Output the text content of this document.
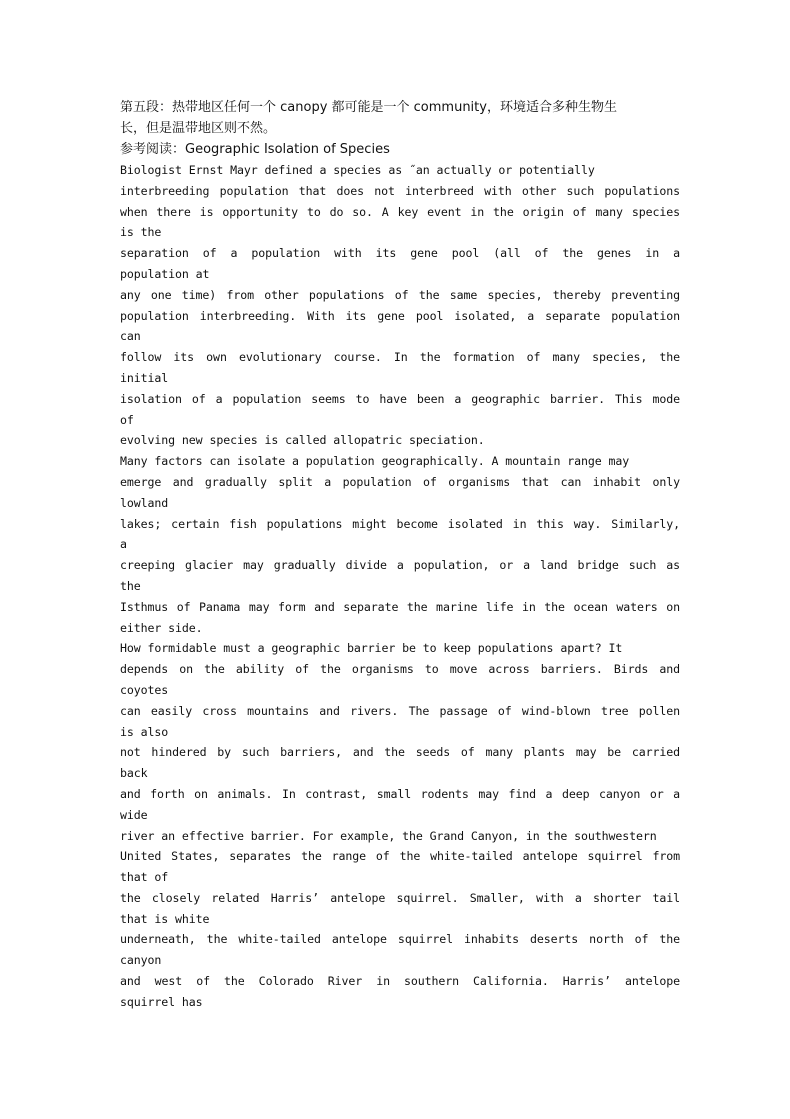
第五段：热带地区任何一个 canopy 都可能是一个 community，环境适合多种生物生
长，但是温带地区则不然。
参考阅读：Geographic Isolation of Species
Biologist Ernst Mayr defined a species as ˝an actually or potentially
interbreeding population that does not interbreed with other such populations
when there is opportunity to do so. A key event in the origin of many species
is the
separation of a population with its gene pool (all of the genes in a
population at
any one time) from other populations of the same species, thereby preventing
population interbreeding. With its gene pool isolated, a separate population
can
follow its own evolutionary course. In the formation of many species, the
initial
isolation of a population seems to have been a geographic barrier. This mode
of
evolving new species is called allopatric speciation.
Many factors can isolate a population geographically. A mountain range may
emerge and gradually split a population of organisms that can inhabit only
lowland
lakes; certain fish populations might become isolated in this way. Similarly,
a
creeping glacier may gradually divide a population, or a land bridge such as
the
Isthmus of Panama may form and separate the marine life in the ocean waters on
either side.
How formidable must a geographic barrier be to keep populations apart? It
depends on the ability of the organisms to move across barriers. Birds and
coyotes
can easily cross mountains and rivers. The passage of wind-blown tree pollen
is also
not hindered by such barriers, and the seeds of many plants may be carried
back
and forth on animals. In contrast, small rodents may find a deep canyon or a
wide
river an effective barrier. For example, the Grand Canyon, in the southwestern
United States, separates the range of the white-tailed antelope squirrel from
that of
the closely related Harris’ antelope squirrel. Smaller, with a shorter tail
that is white
underneath, the white-tailed antelope squirrel inhabits deserts north of the
canyon
and west of the Colorado River in southern California. Harris’ antelope
squirrel has
